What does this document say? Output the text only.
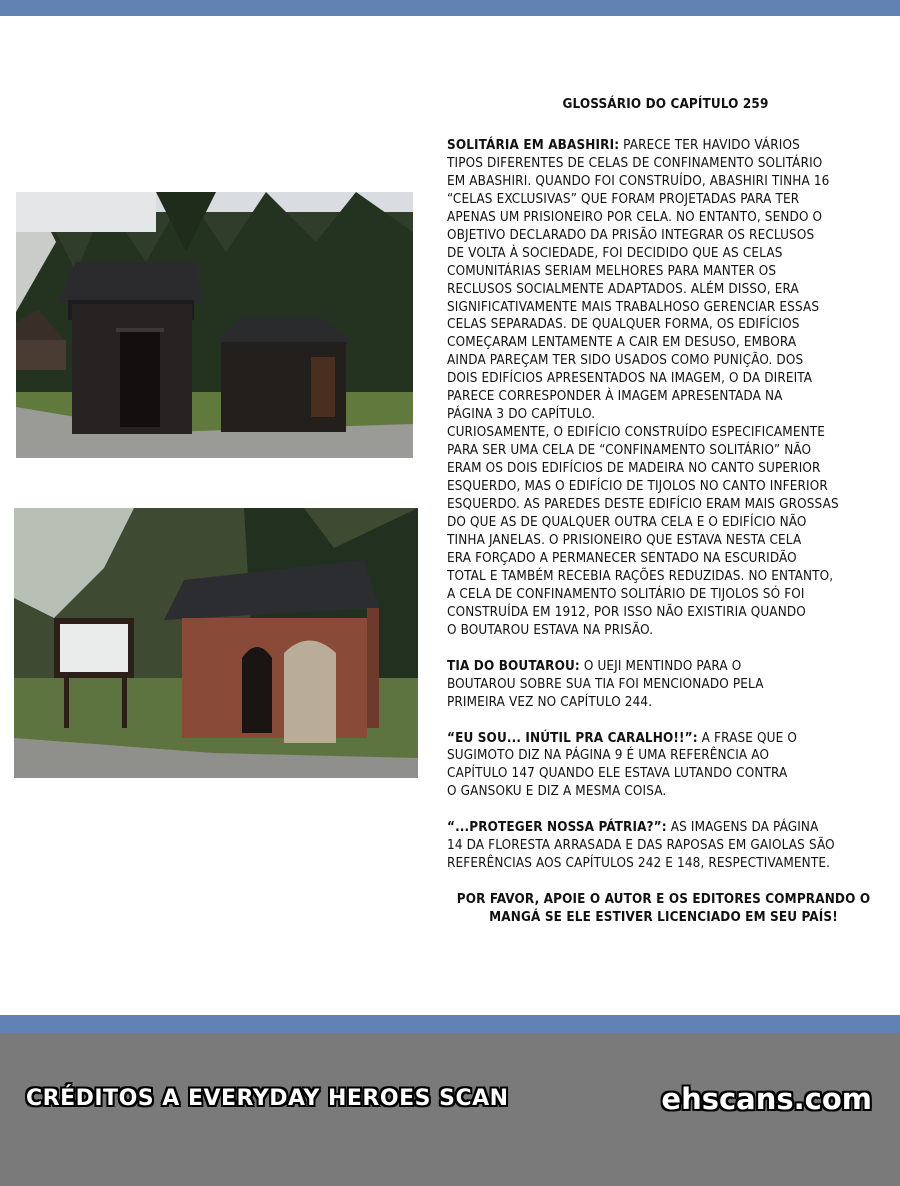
GLOSSÁRIO DO CAPÍTULO 259

SOLITÁRIA EM ABASHIRI: PARECE TER HAVIDO VÁRIOS
TIPOS DIFERENTES DE CELAS DE CONFINAMENTO SOLITÁRIO
EM ABASHIRI. QUANDO FOI CONSTRUÍDO, ABASHIRI TINHA 16
“CELAS EXCLUSIVAS” QUE FORAM PROJETADAS PARA TER
APENAS UM PRISIONEIRO POR CELA. NO ENTANTO, SENDO O
OBJETIVO DECLARADO DA PRISÃO INTEGRAR OS RECLUSOS
DE VOLTA À SOCIEDADE, FOI DECIDIDO QUE AS CELAS
COMUNITÁRIAS SERIAM MELHORES PARA MANTER OS
RECLUSOS SOCIALMENTE ADAPTADOS. ALÉM DISSO, ERA
SIGNIFICATIVAMENTE MAIS TRABALHOSO GERENCIAR ESSAS
CELAS SEPARADAS. DE QUALQUER FORMA, OS EDIFÍCIOS
COMEÇARAM LENTAMENTE A CAIR EM DESUSO, EMBORA
AINDA PAREÇAM TER SIDO USADOS COMO PUNIÇÃO. DOS
DOIS EDIFÍCIOS APRESENTADOS NA IMAGEM, O DA DIREITA
PARECE CORRESPONDER À IMAGEM APRESENTADA NA
PÁGINA 3 DO CAPÍTULO.
CURIOSAMENTE, O EDIFÍCIO CONSTRUÍDO ESPECIFICAMENTE
PARA SER UMA CELA DE “CONFINAMENTO SOLITÁRIO” NÃO
ERAM OS DOIS EDIFÍCIOS DE MADEIRA NO CANTO SUPERIOR
ESQUERDO, MAS O EDIFÍCIO DE TIJOLOS NO CANTO INFERIOR
ESQUERDO. AS PAREDES DESTE EDIFÍCIO ERAM MAIS GROSSAS
DO QUE AS DE QUALQUER OUTRA CELA E O EDIFÍCIO NÃO
TINHA JANELAS. O PRISIONEIRO QUE ESTAVA NESTA CELA
ERA FORÇADO A PERMANECER SENTADO NA ESCURIDÃO
TOTAL E TAMBÉM RECEBIA RAÇÕES REDUZIDAS. NO ENTANTO,
A CELA DE CONFINAMENTO SOLITÁRIO DE TIJOLOS SÓ FOI
CONSTRUÍDA EM 1912, POR ISSO NÃO EXISTIRIA QUANDO
O BOUTAROU ESTAVA NA PRISÃO.

TIA DO BOUTAROU: O UEJI MENTINDO PARA O
BOUTAROU SOBRE SUA TIA FOI MENCIONADO PELA
PRIMEIRA VEZ NO CAPÍTULO 244.

“EU SOU... INÚTIL PRA CARALHO!!”: A FRASE QUE O
SUGIMOTO DIZ NA PÁGINA 9 É UMA REFERÊNCIA AO
CAPÍTULO 147 QUANDO ELE ESTAVA LUTANDO CONTRA
O GANSOKU E DIZ A MESMA COISA.

“...PROTEGER NOSSA PÁTRIA?”: AS IMAGENS DA PÁGINA
14 DA FLORESTA ARRASADA E DAS RAPOSAS EM GAIOLAS SÃO
REFERÊNCIAS AOS CAPÍTULOS 242 E 148, RESPECTIVAMENTE.

POR FAVOR, APOIE O AUTOR E OS EDITORES COMPRANDO O
MANGÁ SE ELE ESTIVER LICENCIADO EM SEU PAÍS!
CRÉDITOS A EVERYDAY HEROES SCAN	ehscans.com
